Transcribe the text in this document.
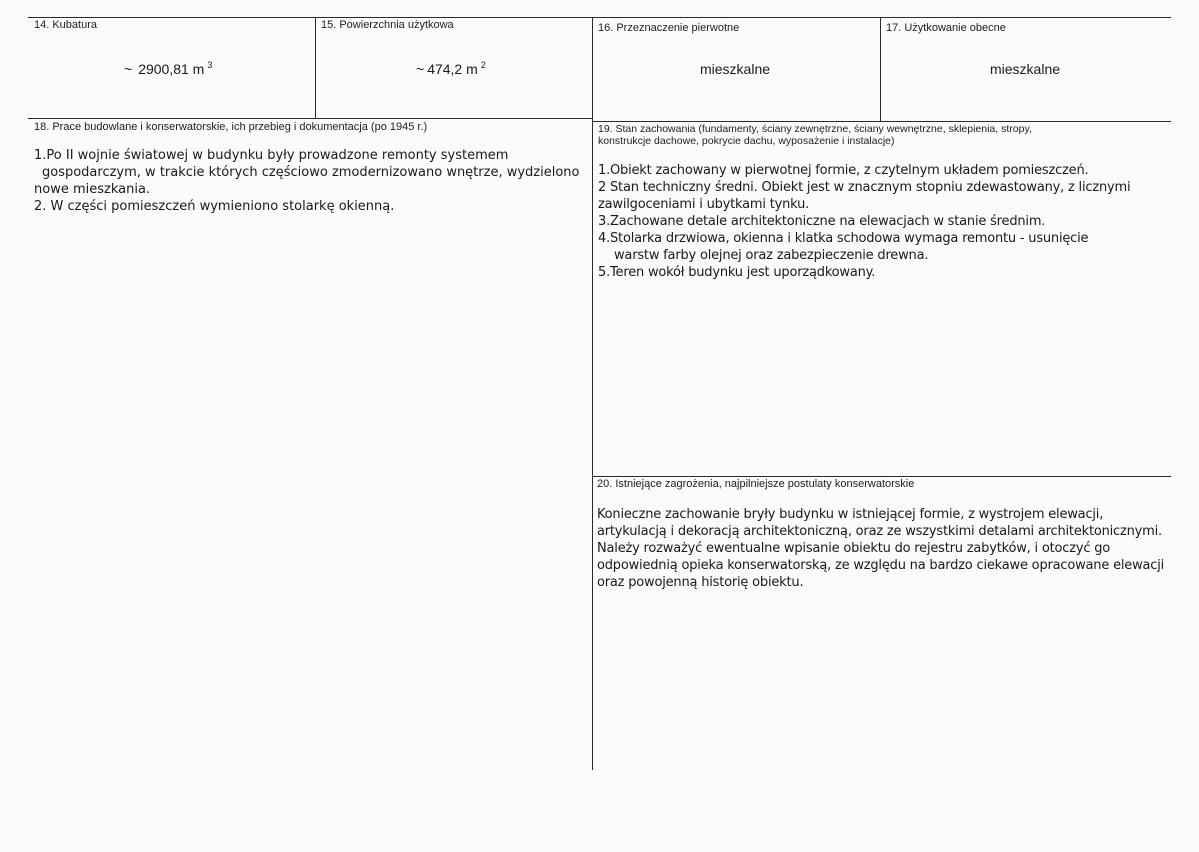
14. Kubatura
~ 2900,81 m $^3$
15. Powierzchnia użytkowa
~ 474,2 m $^2$
16. Przeznaczenie pierwotne
mieszkalne
17. Użytkowanie obecne
mieszkalne
18. Prace budowlane i konserwatorskie, ich przebieg i dokumentacja (po 1945 r.)
1.Po II wojnie światowej w budynku były prowadzone remonty systemem
gospodarczym, w trakcie których częściowo zmodernizowano wnętrze, wydzielono
nowe mieszkania.
2. W części pomieszczeń wymieniono stolarkę okienną.
19. Stan zachowania (fundamenty, ściany zewnętrzne, ściany wewnętrzne, sklepienia, stropy,
konstrukcje dachowe, pokrycie dachu, wyposażenie i instalacje)
1.Obiekt zachowany w pierwotnej formie, z czytelnym układem pomieszczeń.
2 Stan techniczny średni. Obiekt jest w znacznym stopniu zdewastowany, z licznymi
zawilgoceniami i ubytkami tynku.
3.Zachowane detale architektoniczne na elewacjach w stanie średnim.
4.Stolarka drzwiowa, okienna i klatka schodowa wymaga remontu - usunięcie
warstw farby olejnej oraz zabezpieczenie drewna.
5.Teren wokół budynku jest uporządkowany.
20. Istniejące zagrożenia, najpilniejsze postulaty konserwatorskie
Konieczne zachowanie bryły budynku w istniejącej formie, z wystrojem elewacji,
artykulacją i dekoracją architektoniczną, oraz ze wszystkimi detalami architektonicznymi.
Należy rozważyć ewentualne wpisanie obiektu do rejestru zabytków, i otoczyć go
odpowiednią opieka konserwatorską, ze względu na bardzo ciekawe opracowane elewacji
oraz powojenną historię obiektu.
